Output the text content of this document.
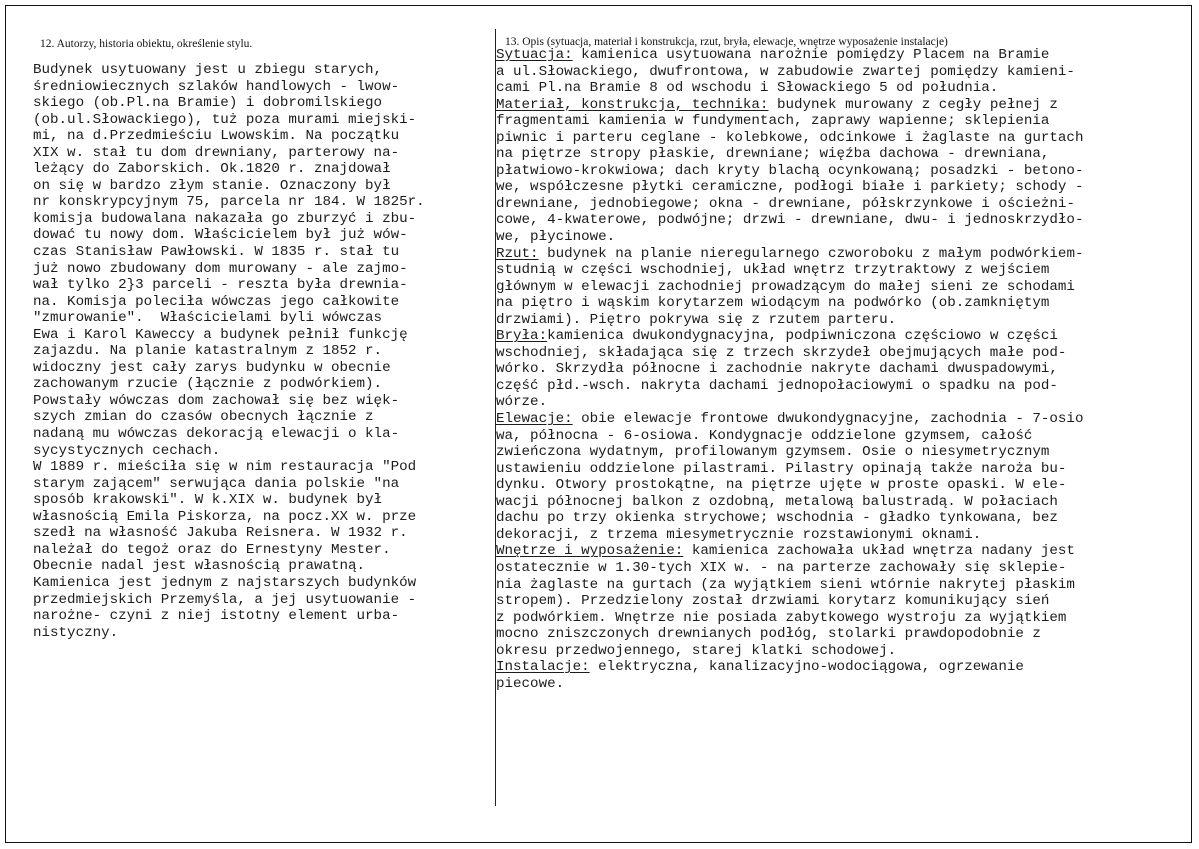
12. Autorzy, historia obiektu, określenie stylu.	13. Opis (sytuacja, materiał i konstrukcja, rzut, bryła, elewacje, wnętrze wyposażenie instalacje)
Budynek usytuowany jest u zbiegu starych,
średniowiecznych szlaków handlowych - lwow-
skiego (ob.Pl.na Bramie) i dobromilskiego
(ob.ul.Słowackiego), tuż poza murami miejski-
mi, na d.Przedmieściu Lwowskim. Na początku
XIX w. stał tu dom drewniany, parterowy na-
leżący do Zaborskich. Ok.1820 r. znajdował
on się w bardzo złym stanie. Oznaczony był
nr konskrypcyjnym 75, parcela nr 184. W 1825r.
komisja budowalana nakazała go zburzyć i zbu-
dować tu nowy dom. Właścicielem był już wów-
czas Stanisław Pawłowski. W 1835 r. stał tu
już nowo zbudowany dom murowany - ale zajmo-
wał tylko 2}3 parceli - reszta była drewnia-
na. Komisja poleciła wówczas jego całkowite
"zmurowanie".  Właścicielami byli wówczas
Ewa i Karol Kaweccy a budynek pełnił funkcję
zajazdu. Na planie katastralnym z 1852 r.
widoczny jest cały zarys budynku w obecnie
zachowanym rzucie (łącznie z podwórkiem).
Powstały wówczas dom zachował się bez więk-
szych zmian do czasów obecnych łącznie z
nadaną mu wówczas dekoracją elewacji o kla-
sycystycznych cechach.
W 1889 r. mieściła się w nim restauracja "Pod
starym zającem" serwująca dania polskie "na
sposób krakowski". W k.XIX w. budynek był
własnością Emila Piskorza, na pocz.XX w. prze
szedł na własność Jakuba Reisnera. W 1932 r.
należał do tegoż oraz do Ernestyny Mester.
Obecnie nadal jest własnością prawatną.
Kamienica jest jednym z najstarszych budynków
przedmiejskich Przemyśla, a jej usytuowanie -
narożne- czyni z niej istotny element urba-
nistyczny.
Sytuacja: kamienica usytuowana narożnie pomiędzy Placem na Bramie
a ul.Słowackiego, dwufrontowa, w zabudowie zwartej pomiędzy kamieni-
cami Pl.na Bramie 8 od wschodu i Słowackiego 5 od południa.
Materiał, konstrukcja, technika: budynek murowany z cegły pełnej z
fragmentami kamienia w fundymentach, zaprawy wapienne; sklepienia
piwnic i parteru ceglane - kolebkowe, odcinkowe i żaglaste na gurtach
na piętrze stropy płaskie, drewniane; więźba dachowa - drewniana,
płatwiowo-krokwiowa; dach kryty blachą ocynkowaną; posadzki - betono-
we, współczesne płytki ceramiczne, podłogi białe i parkiety; schody -
drewniane, jednobiegowe; okna - drewniane, półskrzynkowe i ościeżni-
cowe, 4-kwaterowe, podwójne; drzwi - drewniane, dwu- i jednoskrzydło-
we, płycinowe.
Rzut: budynek na planie nieregularnego czworoboku z małym podwórkiem-
studnią w części wschodniej, układ wnętrz trzytraktowy z wejściem
głównym w elewacji zachodniej prowadzącym do małej sieni ze schodami
na piętro i wąskim korytarzem wiodącym na podwórko (ob.zamkniętym
drzwiami). Piętro pokrywa się z rzutem parteru.
Bryła:kamienica dwukondygnacyjna, podpiwniczona częściowo w części
wschodniej, składająca się z trzech skrzydeł obejmujących małe pod-
wórko. Skrzydła północne i zachodnie nakryte dachami dwuspadowymi,
część płd.-wsch. nakryta dachami jednopołaciowymi o spadku na pod-
wórze.
Elewacje: obie elewacje frontowe dwukondygnacyjne, zachodnia - 7-osio
wa, północna - 6-osiowa. Kondygnacje oddzielone gzymsem, całość
zwieńczona wydatnym, profilowanym gzymsem. Osie o niesymetrycznym
ustawieniu oddzielone pilastrami. Pilastry opinają także naroża bu-
dynku. Otwory prostokątne, na piętrze ujęte w proste opaski. W ele-
wacji północnej balkon z ozdobną, metalową balustradą. W połaciach
dachu po trzy okienka strychowe; wschodnia - gładko tynkowana, bez
dekoracji, z trzema miesymetrycznie rozstawionymi oknami.
Wnętrze i wyposażenie: kamienica zachowała układ wnętrza nadany jest
ostatecznie w 1.30-tych XIX w. - na parterze zachowały się sklepie-
nia żaglaste na gurtach (za wyjątkiem sieni wtórnie nakrytej płaskim
stropem). Przedzielony został drzwiami korytarz komunikujący sień
z podwórkiem. Wnętrze nie posiada zabytkowego wystroju za wyjątkiem
mocno zniszczonych drewnianych podłóg, stolarki prawdopodobnie z
okresu przedwojennego, starej klatki schodowej.
Instalacje: elektryczna, kanalizacyjno-wodociągowa, ogrzewanie
piecowe.
